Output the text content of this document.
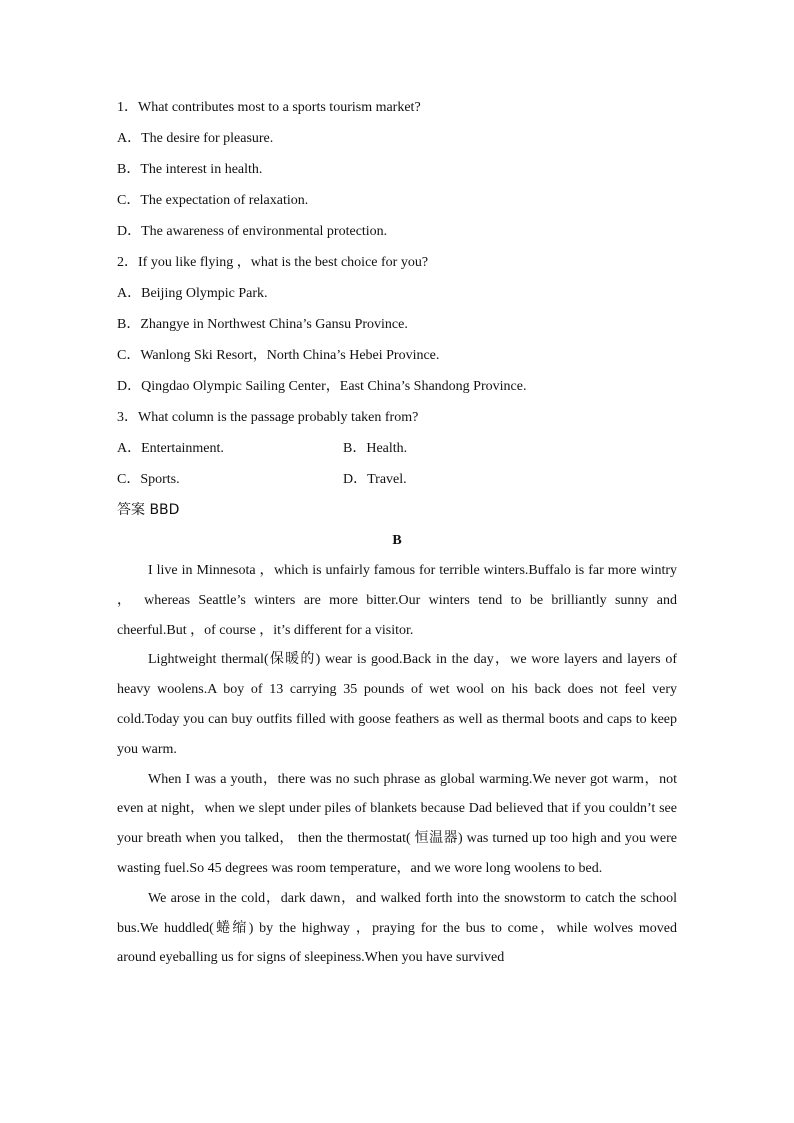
1．What contributes most to a sports tourism market?
A．The desire for pleasure.
B．The interest in health.
C．The expectation of relaxation.
D．The awareness of environmental protection.
2．If you like flying ，what is the best choice for you?
A．Beijing Olympic Park.
B．Zhangye in Northwest China’s Gansu Province.
C．Wanlong Ski Resort，North China’s Hebei Province.
D．Qingdao Olympic Sailing Center，East China’s Shandong Province.
3．What column is the passage probably taken from?
A．Entertainment.	B．Health.
C．Sports.	D．Travel.
答案 BBD
B
I live in Minnesota ，which is unfairly famous for terrible winters.Buffalo is far more wintry ， whereas Seattle’s winters are more bitter.Our winters tend to be brilliantly sunny and cheerful.But ，of course ，it’s different for a visitor.
Lightweight thermal(保暖的) wear is good.Back in the day，we wore layers and layers of heavy woolens.A boy of 13 carrying 35 pounds of wet wool on his back does not feel very cold.Today you can buy outfits filled with goose feathers as well as thermal boots and caps to keep you warm.
When I was a youth，there was no such phrase as global warming.We never got warm，not even at night，when we slept under piles of blankets because Dad believed that if you couldn’t see your breath when you talked， then the thermostat( 恒温器) was turned up too high and you were wasting fuel.So 45 degrees was room temperature，and we wore long woolens to bed.
We arose in the cold，dark dawn，and walked forth into the snowstorm to catch the school bus.We huddled(蜷缩) by the highway ，praying for the bus to come，while wolves moved around eyeballing us for signs of sleepiness.When you have survived
